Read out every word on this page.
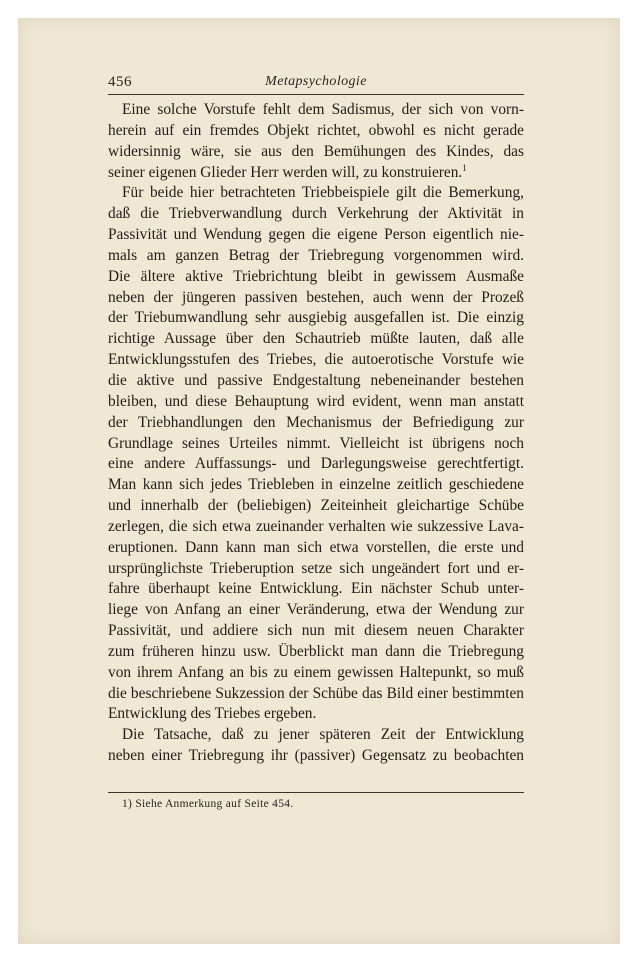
456	Metapsychologie
Eine solche Vorstufe fehlt dem Sadismus, der sich von vorn-
herein auf ein fremdes Objekt richtet, obwohl es nicht gerade
widersinnig wäre, sie aus den Bemühungen des Kindes, das
seiner eigenen Glieder Herr werden will, zu konstruieren.$^1$
Für beide hier betrachteten Triebbeispiele gilt die Bemerkung,
daß die Triebverwandlung durch Verkehrung der Aktivität in
Passivität und Wendung gegen die eigene Person eigentlich nie-
mals am ganzen Betrag der Triebregung vorgenommen wird.
Die ältere aktive Triebrichtung bleibt in gewissem Ausmaße
neben der jüngeren passiven bestehen, auch wenn der Prozeß
der Triebumwandlung sehr ausgiebig ausgefallen ist. Die einzig
richtige Aussage über den Schautrieb müßte lauten, daß alle
Entwicklungsstufen des Triebes, die autoerotische Vorstufe wie
die aktive und passive Endgestaltung nebeneinander bestehen
bleiben, und diese Behauptung wird evident, wenn man anstatt
der Triebhandlungen den Mechanismus der Befriedigung zur
Grundlage seines Urteiles nimmt. Vielleicht ist übrigens noch
eine andere Auffassungs- und Darlegungsweise gerechtfertigt.
Man kann sich jedes Triebleben in einzelne zeitlich geschiedene
und innerhalb der (beliebigen) Zeiteinheit gleichartige Schübe
zerlegen, die sich etwa zueinander verhalten wie sukzessive Lava-
eruptionen. Dann kann man sich etwa vorstellen, die erste und
ursprünglichste Trieberuption setze sich ungeändert fort und er-
fahre überhaupt keine Entwicklung. Ein nächster Schub unter-
liege von Anfang an einer Veränderung, etwa der Wendung zur
Passivität, und addiere sich nun mit diesem neuen Charakter
zum früheren hinzu usw. Überblickt man dann die Triebregung
von ihrem Anfang an bis zu einem gewissen Haltepunkt, so muß
die beschriebene Sukzession der Schübe das Bild einer bestimmten
Entwicklung des Triebes ergeben.
Die Tatsache, daß zu jener späteren Zeit der Entwicklung
neben einer Triebregung ihr (passiver) Gegensatz zu beobachten
1) Siehe Anmerkung auf Seite 454.
